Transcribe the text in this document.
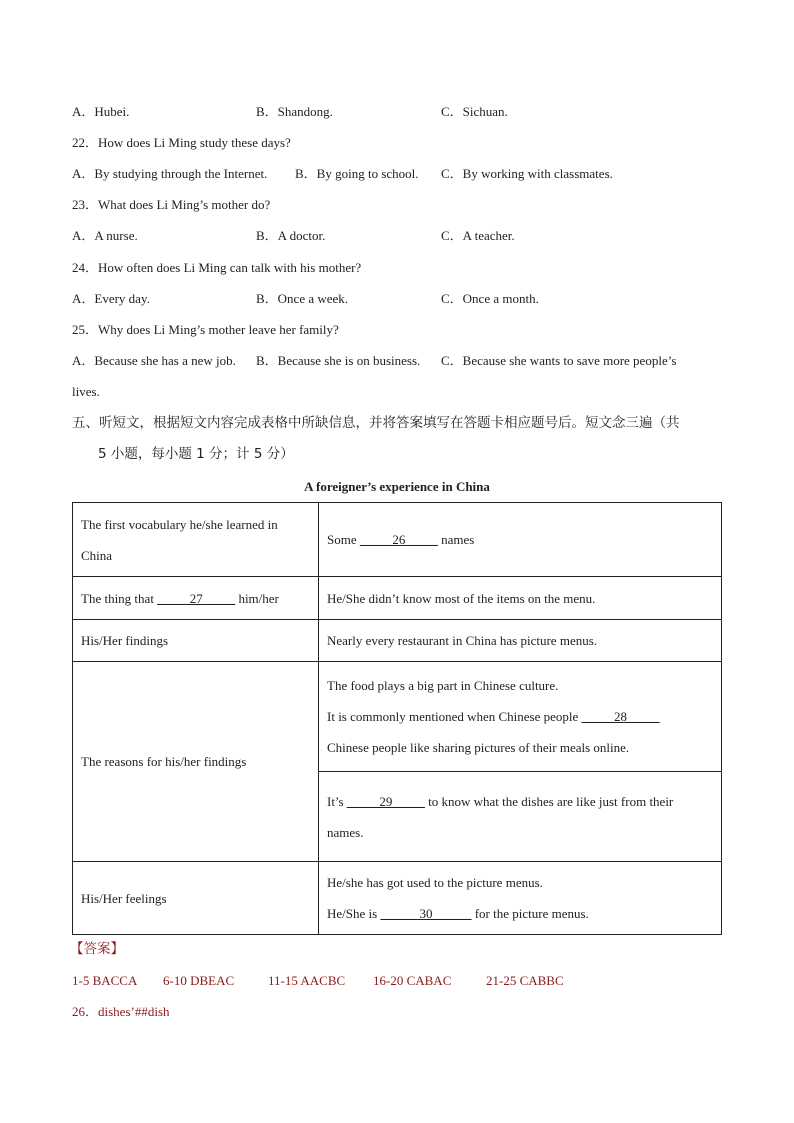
A．Hubei.	B．Shandong.	C．Sichuan.
22．How does Li Ming study these days?
A．By studying through the Internet. B．By going to school. C．By working with classmates.
23．What does Li Ming’s mother do?
A．A nurse.	B．A doctor.	C．A teacher.
24．How often does Li Ming can talk with his mother?
A．Every day.	B．Once a week.	C．Once a month.
25．Why does Li Ming’s mother leave her family?
A．Because she has a new job. B．Because she is on business. C．Because she wants to save more people’s
lives.
五、听短文，根据短文内容完成表格中所缺信息，并将答案填写在答题卡相应题号后。短文念三遍（共
5 小题，每小题 1 分；计 5 分）
A foreigner’s experience in China
The first vocabulary he/she learned in
China	Some _____26_____ names
The thing that _____27_____ him/her	He/She didn’t know most of the items on the menu.
His/Her findings	Nearly every restaurant in China has picture menus.
The reasons for his/her findings	The food plays a big part in Chinese culture.
It is commonly mentioned when Chinese people _____28_____
Chinese people like sharing pictures of their meals online.

	It’s _____29_____ to know what the dishes are like just from their
names.

His/Her feelings	He/she has got used to the picture menus.
He/She is ______30______ for the picture menus.
【答案】
1-5 BACCA 6-10 DBEAC	11-15 AACBC 16-20 CABAC	21-25 CABBC
26．dishes’##dish
